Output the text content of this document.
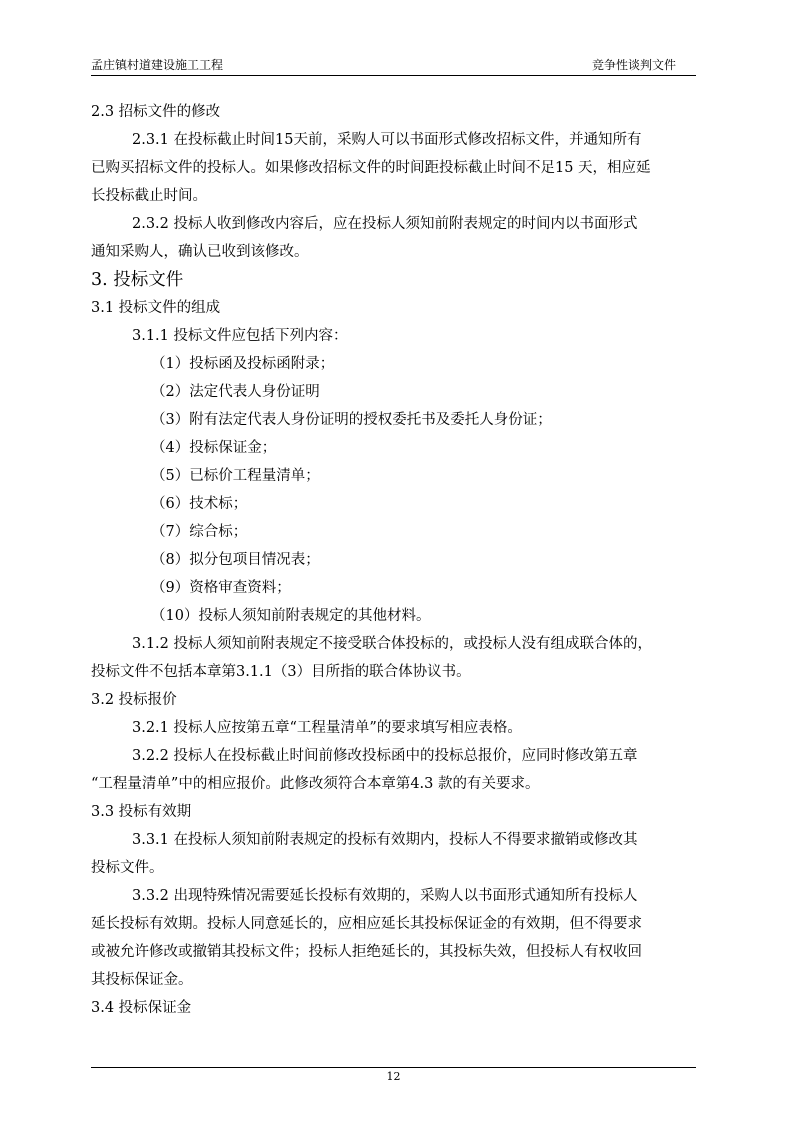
孟庄镇村道建设施工工程	竞争性谈判文件
2.3 招标文件的修改
2.3.1 在投标截止时间15天前，采购人可以书面形式修改招标文件，并通知所有
已购买招标文件的投标人。如果修改招标文件的时间距投标截止时间不足15 天，相应延
长投标截止时间。
2.3.2 投标人收到修改内容后，应在投标人须知前附表规定的时间内以书面形式
通知采购人，确认已收到该修改。
3. 投标文件
3.1 投标文件的组成
3.1.1 投标文件应包括下列内容：
（1）投标函及投标函附录；
（2）法定代表人身份证明
（3）附有法定代表人身份证明的授权委托书及委托人身份证；
（4）投标保证金；
（5）已标价工程量清单；
（6）技术标；
（7）综合标；
（8）拟分包项目情况表；
（9）资格审查资料；
（10）投标人须知前附表规定的其他材料。
3.1.2 投标人须知前附表规定不接受联合体投标的，或投标人没有组成联合体的，
投标文件不包括本章第3.1.1（3）目所指的联合体协议书。
3.2 投标报价
3.2.1 投标人应按第五章“工程量清单”的要求填写相应表格。
3.2.2 投标人在投标截止时间前修改投标函中的投标总报价，应同时修改第五章
“工程量清单”中的相应报价。此修改须符合本章第4.3 款的有关要求。
3.3 投标有效期
3.3.1 在投标人须知前附表规定的投标有效期内，投标人不得要求撤销或修改其
投标文件。
3.3.2 出现特殊情况需要延长投标有效期的，采购人以书面形式通知所有投标人
延长投标有效期。投标人同意延长的，应相应延长其投标保证金的有效期，但不得要求
或被允许修改或撤销其投标文件；投标人拒绝延长的，其投标失效，但投标人有权收回
其投标保证金。
3.4 投标保证金
12
